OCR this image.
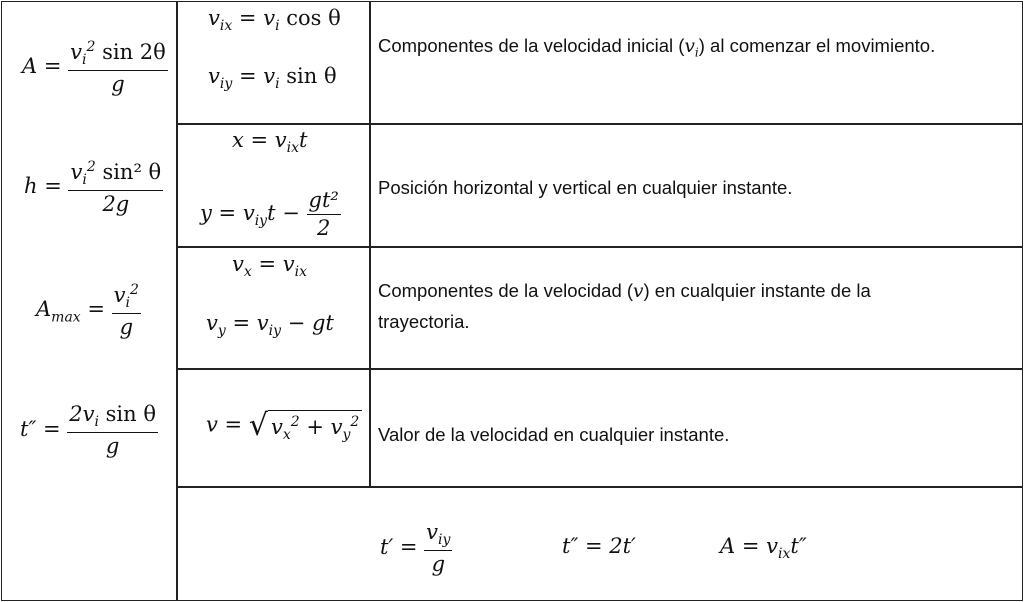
$A = \frac{v_i^2 \sin 2\theta}{g}$
$h = \frac{v_i^2 \sin^2 \theta}{2g}$
$A_{max} = \frac{v_i^2}{g}$
$t'' = \frac{2v_i \sin \theta}{g}$
$v_{ix} = v_i$ cos θ
$v_{iy} = v_i$ sin θ
Componentes de la velocidad inicial $(v_i)$ al comenzar el movimiento.
$x = v_{ix}t$
$y = v_{iy}t - \frac{\text{gt²}}{2}$
Posición horizontal y vertical en cualquier instante.
$v_x = v_{ix}$
$v_y = v_{iy}$ − gt
Componentes de la velocidad (v) en cualquier instante de la
trayectoria.
v = √ $v_x^2 + v_y^2$
Valor de la velocidad en cualquier instante.
$t' = \frac{v_{iy}}{g}$	t″ = 2t′	$A = v_{ix}t''$
